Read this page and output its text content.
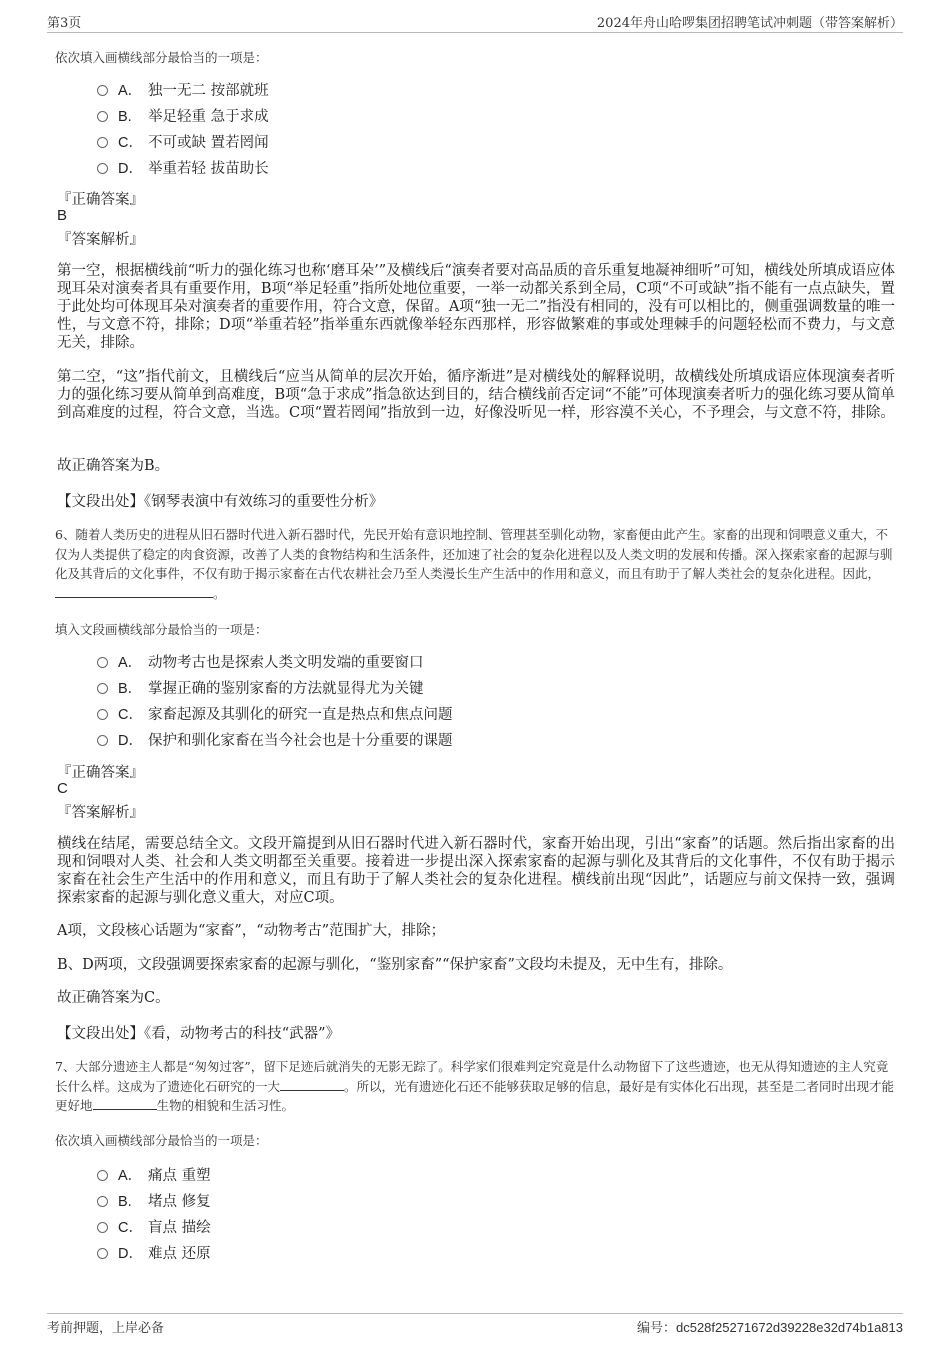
第3页	2024年舟山哈啰集团招聘笔试冲刺题（带答案解析）
依次填入画横线部分最恰当的一项是：
A． 独一无二 按部就班
B. 举足轻重 急于求成
C． 不可或缺 置若罔闻
D． 举重若轻 拔苗助长
『正确答案』
B
『答案解析』
第一空，根据横线前“听力的强化练习也称‘磨耳朵’”及横线后“演奏者要对高品质的音乐重复地凝神细听”可知，横线处所填成语应体现耳朵对演奏者具有重要作用，B项“举足轻重”指所处地位重要，一举一动都关系到全局，C项“不可或缺”指不能有一点点缺失，置于此处均可体现耳朵对演奏者的重要作用，符合文意，保留。A项“独一无二”指没有相同的，没有可以相比的，侧重强调数量的唯一性，与文意不符，排除；D项“举重若轻”指举重东西就像举轻东西那样，形容做繁难的事或处理棘手的问题轻松而不费力，与文意无关，排除。
第二空，“这”指代前文，且横线后“应当从简单的层次开始，循序渐进”是对横线处的解释说明，故横线处所填成语应体现演奏者听力的强化练习要从简单到高难度，B项“急于求成”指急欲达到目的，结合横线前否定词“不能”可体现演奏者听力的强化练习要从简单到高难度的过程，符合文意，当选。C项“置若罔闻”指放到一边，好像没听见一样，形容漠不关心，不予理会，与文意不符，排除。
故正确答案为B。
【文段出处】《钢琴表演中有效练习的重要性分析》
6、随着人类历史的进程从旧石器时代进入新石器时代，先民开始有意识地控制、管理甚至驯化动物，家畜便由此产生。家畜的出现和饲喂意义重大，不仅为人类提供了稳定的肉食资源，改善了人类的食物结构和生活条件，还加速了社会的复杂化进程以及人类文明的发展和传播。深入探索家畜的起源与驯化及其背后的文化事件，不仅有助于揭示家畜在古代农耕社会乃至人类漫长生产生活中的作用和意义，而且有助于了解人类社会的复杂化进程。因此，。
填入文段画横线部分最恰当的一项是：
A． 动物考古也是探索人类文明发端的重要窗口
B． 掌握正确的鉴别家畜的方法就显得尤为关键
C． 家畜起源及其驯化的研究一直是热点和焦点问题
D． 保护和驯化家畜在当今社会也是十分重要的课题
『正确答案』
C
『答案解析』
横线在结尾，需要总结全文。文段开篇提到从旧石器时代进入新石器时代，家畜开始出现，引出“家畜”的话题。然后指出家畜的出现和饲喂对人类、社会和人类文明都至关重要。接着进一步提出深入探索家畜的起源与驯化及其背后的文化事件，不仅有助于揭示家畜在社会生产生活中的作用和意义，而且有助于了解人类社会的复杂化进程。横线前出现“因此”，话题应与前文保持一致，强调探索家畜的起源与驯化意义重大，对应C项。
A项，文段核心话题为“家畜”，“动物考古”范围扩大，排除；
B、D两项，文段强调要探索家畜的起源与驯化，“鉴别家畜”“保护家畜”文段均未提及，无中生有，排除。
故正确答案为C。
【文段出处】《看，动物考古的科技“武器”》
7、大部分遗迹主人都是“匆匆过客”，留下足迹后就消失的无影无踪了。科学家们很难判定究竟是什么动物留下了这些遗迹，也无从得知遗迹的主人究竟长什么样。这成为了遗迹化石研究的一大	。所以，光有遗迹化石还不能够获取足够的信息，最好是有实体化石出现，甚至是二者同时出现才能更好地	生物的相貌和生活习性。
依次填入画横线部分最恰当的一项是：
A． 痛点 重塑
B. 堵点 修复
C． 盲点 描绘
D． 难点 还原
考前押题，上岸必备	编号：dc528f25271672d39228e32d74b1a813
